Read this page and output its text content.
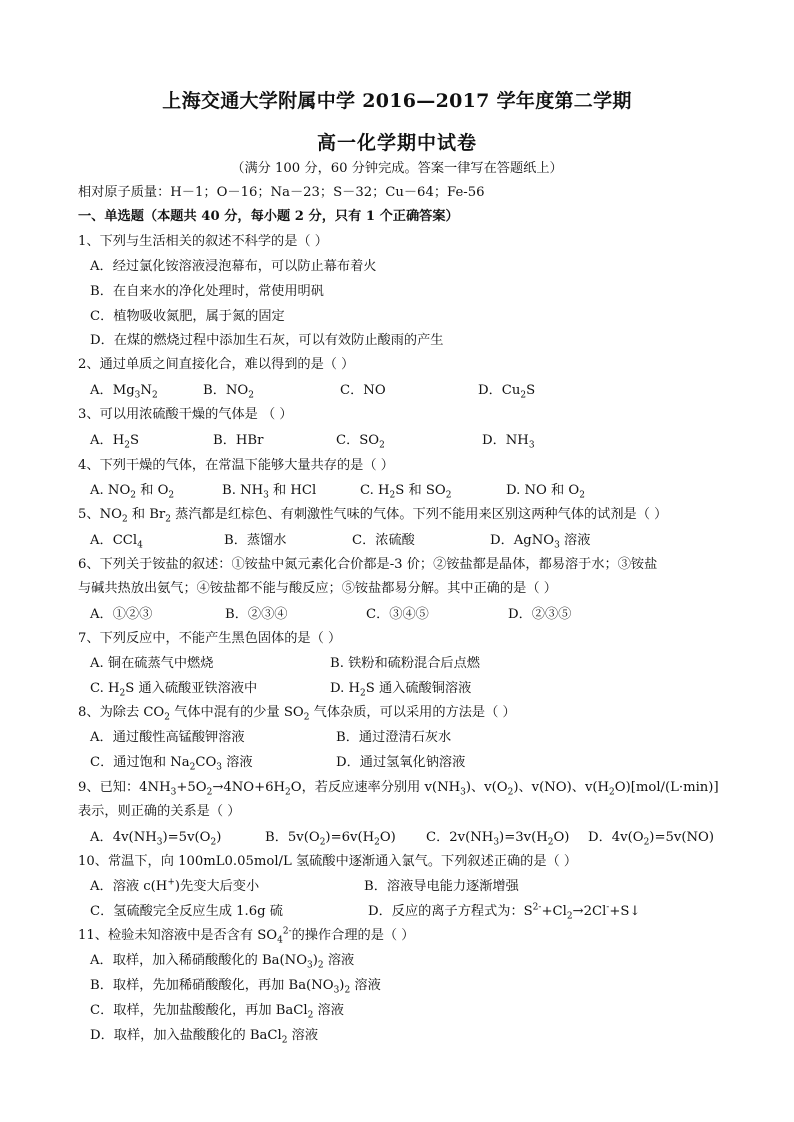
上海交通大学附属中学 2016—2017 学年度第二学期
高一化学期中试卷
（满分 100 分，60 分钟完成。答案一律写在答题纸上）
相对原子质量：H－1；O－16；Na－23；S－32；Cu－64；Fe-56
一、单选题（本题共 40 分，每小题 2 分，只有 1 个正确答案）
1、下列与生活相关的叙述不科学的是（ ）
A．经过氯化铵溶液浸泡幕布，可以防止幕布着火
B．在自来水的净化处理时，常使用明矾
C．植物吸收氮肥，属于氮的固定
D．在煤的燃烧过程中添加生石灰，可以有效防止酸雨的产生
2、通过单质之间直接化合，难以得到的是（ ）
A．$Mg_3N_2$	B．$NO_2$	C．NO	D．$Cu_2S$
3、可以用浓硫酸干燥的气体是 （ ）
A．$H_2S$	B．HBr	C．$SO_2$	D．$NH_3$
4、下列干燥的气体，在常温下能够大量共存的是（ ）
A. $NO_2$ 和 $O_2$	B. $NH_3$ 和 HCl	C. $H_2S$ 和 $SO_2$	D. NO 和 $O_2$
5、$NO_2$ 和 $Br_2$ 蒸汽都是红棕色、有刺激性气味的气体。下列不能用来区别这两种气体的试剂是（ ）
A．CCl$_4$	B．蒸馏水	C．浓硫酸	D．AgNO$_3$ 溶液
6、下列关于铵盐的叙述：①铵盐中氮元素化合价都是-3 价；②铵盐都是晶体，都易溶于水；③铵盐
与碱共热放出氨气；④铵盐都不能与酸反应；⑤铵盐都易分解。其中正确的是（ ）
A．①②③	B．②③④	C．③④⑤	D．②③⑤
7、下列反应中，不能产生黑色固体的是（ ）
A. 铜在硫蒸气中燃烧	B. 铁粉和硫粉混合后点燃
C. $H_2S$ 通入硫酸亚铁溶液中	D. $H_2S$ 通入硫酸铜溶液
8、为除去 $CO_2$ 气体中混有的少量 $SO_2$ 气体杂质，可以采用的方法是（ ）
A．通过酸性高锰酸钾溶液	B．通过澄清石灰水
C．通过饱和 $Na_2CO_3$ 溶液	D．通过氢氧化钠溶液
9、已知：$4NH_3+5O_2\to 4NO+6H_2O$，若反应速率分别用 $v(NH_3)$、$v(O_2)$、v(NO)、$v(H_2O)[mol/(L\cdot\min)]$
表示，则正确的关系是（ ）
A．$4v(NH_3)=5v(O_2)$	B．$5v(O_2)=6v(H_2O)$ C．$2v(NH_3)=3v(H_2O)$ D．$4v(O_2)=5v(NO)$
10、常温下，向 100mL0.05mol/L 氢硫酸中逐渐通入氯气。下列叙述正确的是（ ）
A．溶液 c(H+)先变大后变小	B．溶液导电能力逐渐增强
C．氢硫酸完全反应生成 1.6g 硫	D．反应的离子方程式为：$S^{2-}+Cl_2\to 2Cl^-+S↓$
11、检验未知溶液中是否含有 $SO_4^{2-}$的操作合理的是（ ）
A．取样，加入稀硝酸酸化的 $Ba(NO_3)_2$ 溶液
B．取样，先加稀硝酸酸化，再加 $Ba(NO_3)_2$ 溶液
C．取样，先加盐酸酸化，再加 BaCl$_2$ 溶液
D．取样，加入盐酸酸化的 BaCl$_2$ 溶液
